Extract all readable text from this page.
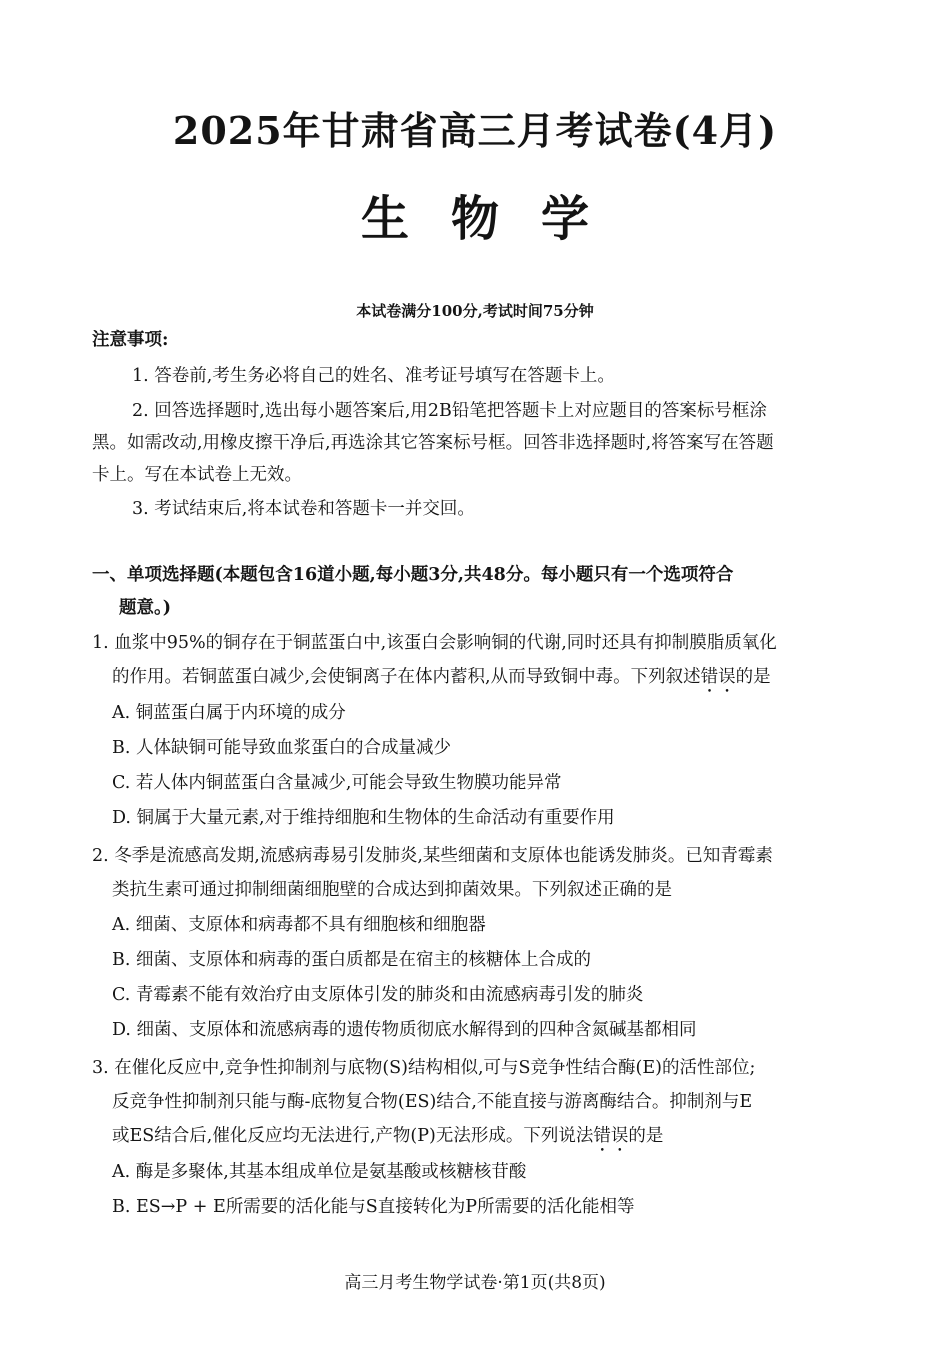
2025年甘肃省高三月考试卷(4月)
生物学
本试卷满分100分,考试时间75分钟
注意事项:
1. 答卷前,考生务必将自己的姓名、准考证号填写在答题卡上。
2. 回答选择题时,选出每小题答案后,用2B铅笔把答题卡上对应题目的答案标号框涂
黑。如需改动,用橡皮擦干净后,再选涂其它答案标号框。回答非选择题时,将答案写在答题
卡上。写在本试卷上无效。
3. 考试结束后,将本试卷和答题卡一并交回。
一、单项选择题(本题包含16道小题,每小题3分,共48分。每小题只有一个选项符合
题意。)
1. 血浆中95%的铜存在于铜蓝蛋白中,该蛋白会影响铜的代谢,同时还具有抑制膜脂质氧化
的作用。若铜蓝蛋白减少,会使铜离子在体内蓄积,从而导致铜中毒。下列叙述错误的是
A. 铜蓝蛋白属于内环境的成分
B. 人体缺铜可能导致血浆蛋白的合成量减少
C. 若人体内铜蓝蛋白含量减少,可能会导致生物膜功能异常
D. 铜属于大量元素,对于维持细胞和生物体的生命活动有重要作用
2. 冬季是流感高发期,流感病毒易引发肺炎,某些细菌和支原体也能诱发肺炎。已知青霉素
类抗生素可通过抑制细菌细胞壁的合成达到抑菌效果。下列叙述正确的是
A. 细菌、支原体和病毒都不具有细胞核和细胞器
B. 细菌、支原体和病毒的蛋白质都是在宿主的核糖体上合成的
C. 青霉素不能有效治疗由支原体引发的肺炎和由流感病毒引发的肺炎
D. 细菌、支原体和流感病毒的遗传物质彻底水解得到的四种含氮碱基都相同
3. 在催化反应中,竞争性抑制剂与底物(S)结构相似,可与S竞争性结合酶(E)的活性部位;
反竞争性抑制剂只能与酶-底物复合物(ES)结合,不能直接与游离酶结合。抑制剂与E
或ES结合后,催化反应均无法进行,产物(P)无法形成。下列说法错误的是
A. 酶是多聚体,其基本组成单位是氨基酸或核糖核苷酸
B. ES→P + E所需要的活化能与S直接转化为P所需要的活化能相等
高三月考生物学试卷·第1页(共8页)
